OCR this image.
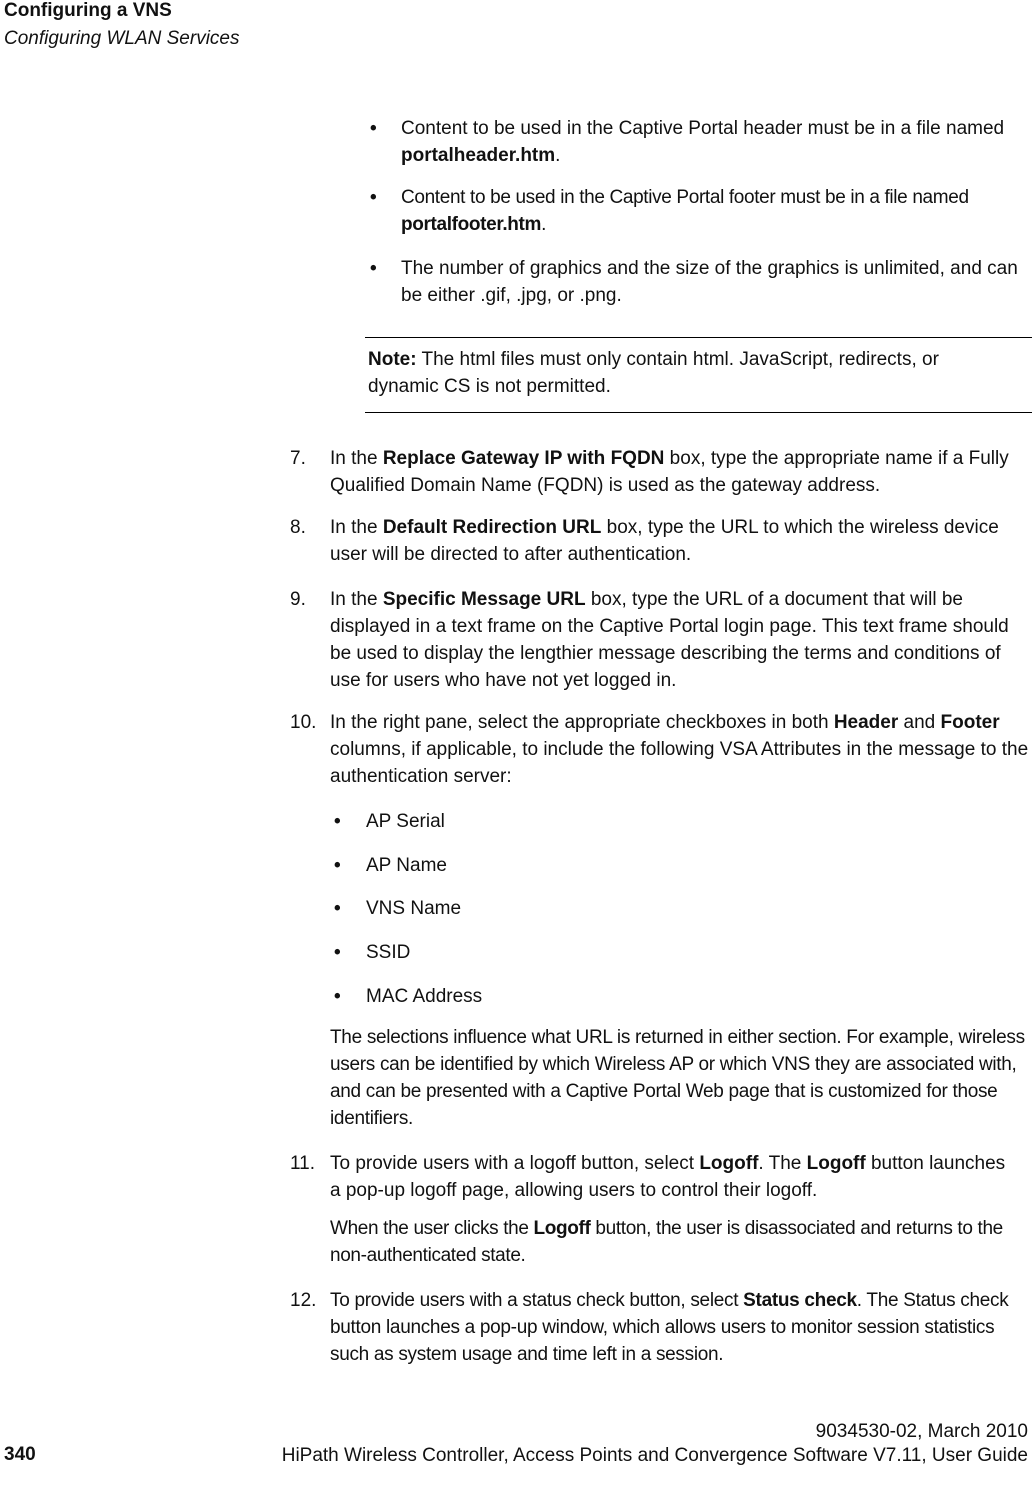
Configuring a VNS
Configuring WLAN Services
• Content to be used in the Captive Portal header must be in a file named portalheader.htm.

• Content to be used in the Captive Portal footer must be in a file named portalfooter.htm.

• The number of graphics and the size of the graphics is unlimited, and can be either .gif, .jpg, or .png.

Note: The html files must only contain html. JavaScript, redirects, or dynamic CS is not permitted.

7. In the Replace Gateway IP with FQDN box, type the appropriate name if a Fully Qualified Domain Name (FQDN) is used as the gateway address.

8. In the Default Redirection URL box, type the URL to which the wireless device user will be directed to after authentication.

9. In the Specific Message URL box, type the URL of a document that will be displayed in a text frame on the Captive Portal login page. This text frame should be used to display the lengthier message describing the terms and conditions of use for users who have not yet logged in.

10. In the right pane, select the appropriate checkboxes in both Header and Footer columns, if applicable, to include the following VSA Attributes in the message to the authentication server:

• AP Serial
• AP Name
• VNS Name
• SSID
• MAC Address

The selections influence what URL is returned in either section. For example, wireless users can be identified by which Wireless AP or which VNS they are associated with, and can be presented with a Captive Portal Web page that is customized for those identifiers.

11. To provide users with a logoff button, select Logoff. The Logoff button launches a pop-up logoff page, allowing users to control their logoff.

When the user clicks the Logoff button, the user is disassociated and returns to the non-authenticated state.

12. To provide users with a status check button, select Status check. The Status check button launches a pop-up window, which allows users to monitor session statistics such as system usage and time left in a session.

340
9034530-02, March 2010
HiPath Wireless Controller, Access Points and Convergence Software V7.11, User Guide
